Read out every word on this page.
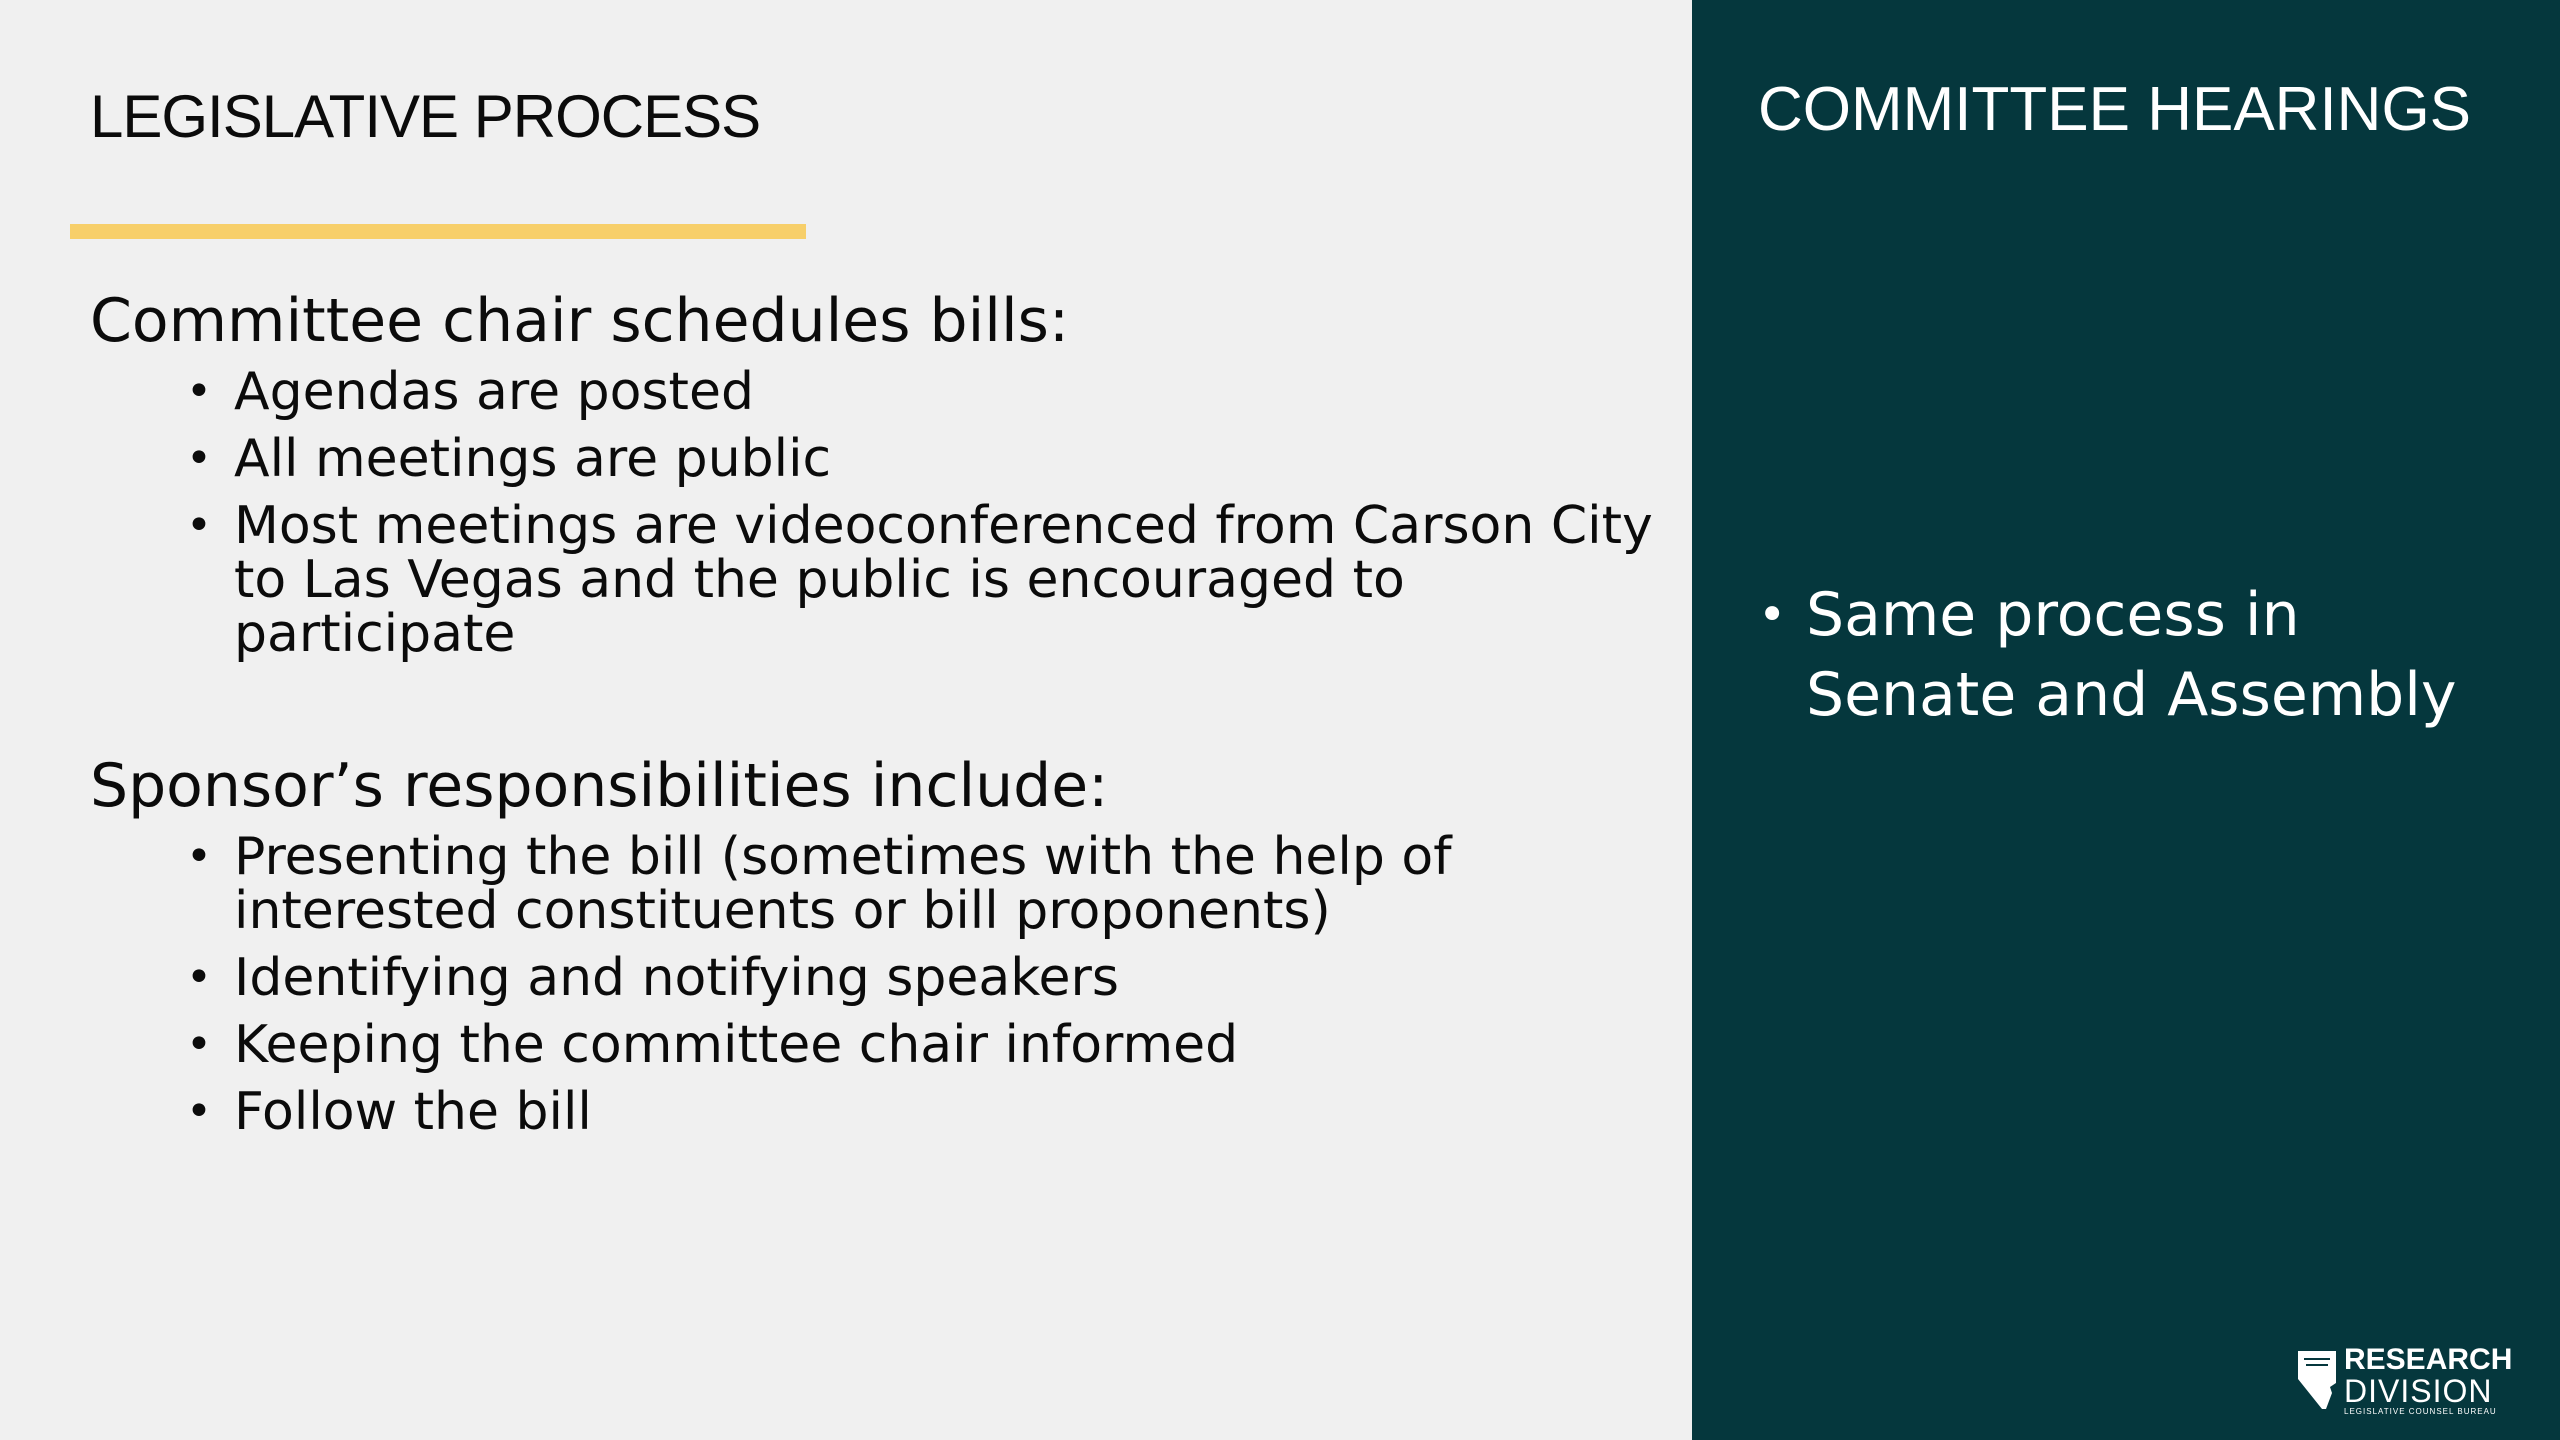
LEGISLATIVE PROCESS

Committee chair schedules bills:

• Agendas are posted
• All meetings are public
• Most meetings are videoconferenced from Carson City to Las Vegas and the public is encouraged to participate

Sponsor’s responsibilities include:

• Presenting the bill (sometimes with the help of interested constituents or bill proponents)
• Identifying and notifying speakers
• Keeping the committee chair informed
• Follow the bill
COMMITTEE HEARINGS
• Same process in Senate and Assembly
RESEARCH
DIVISION
LEGISLATIVE COUNSEL BUREAU
